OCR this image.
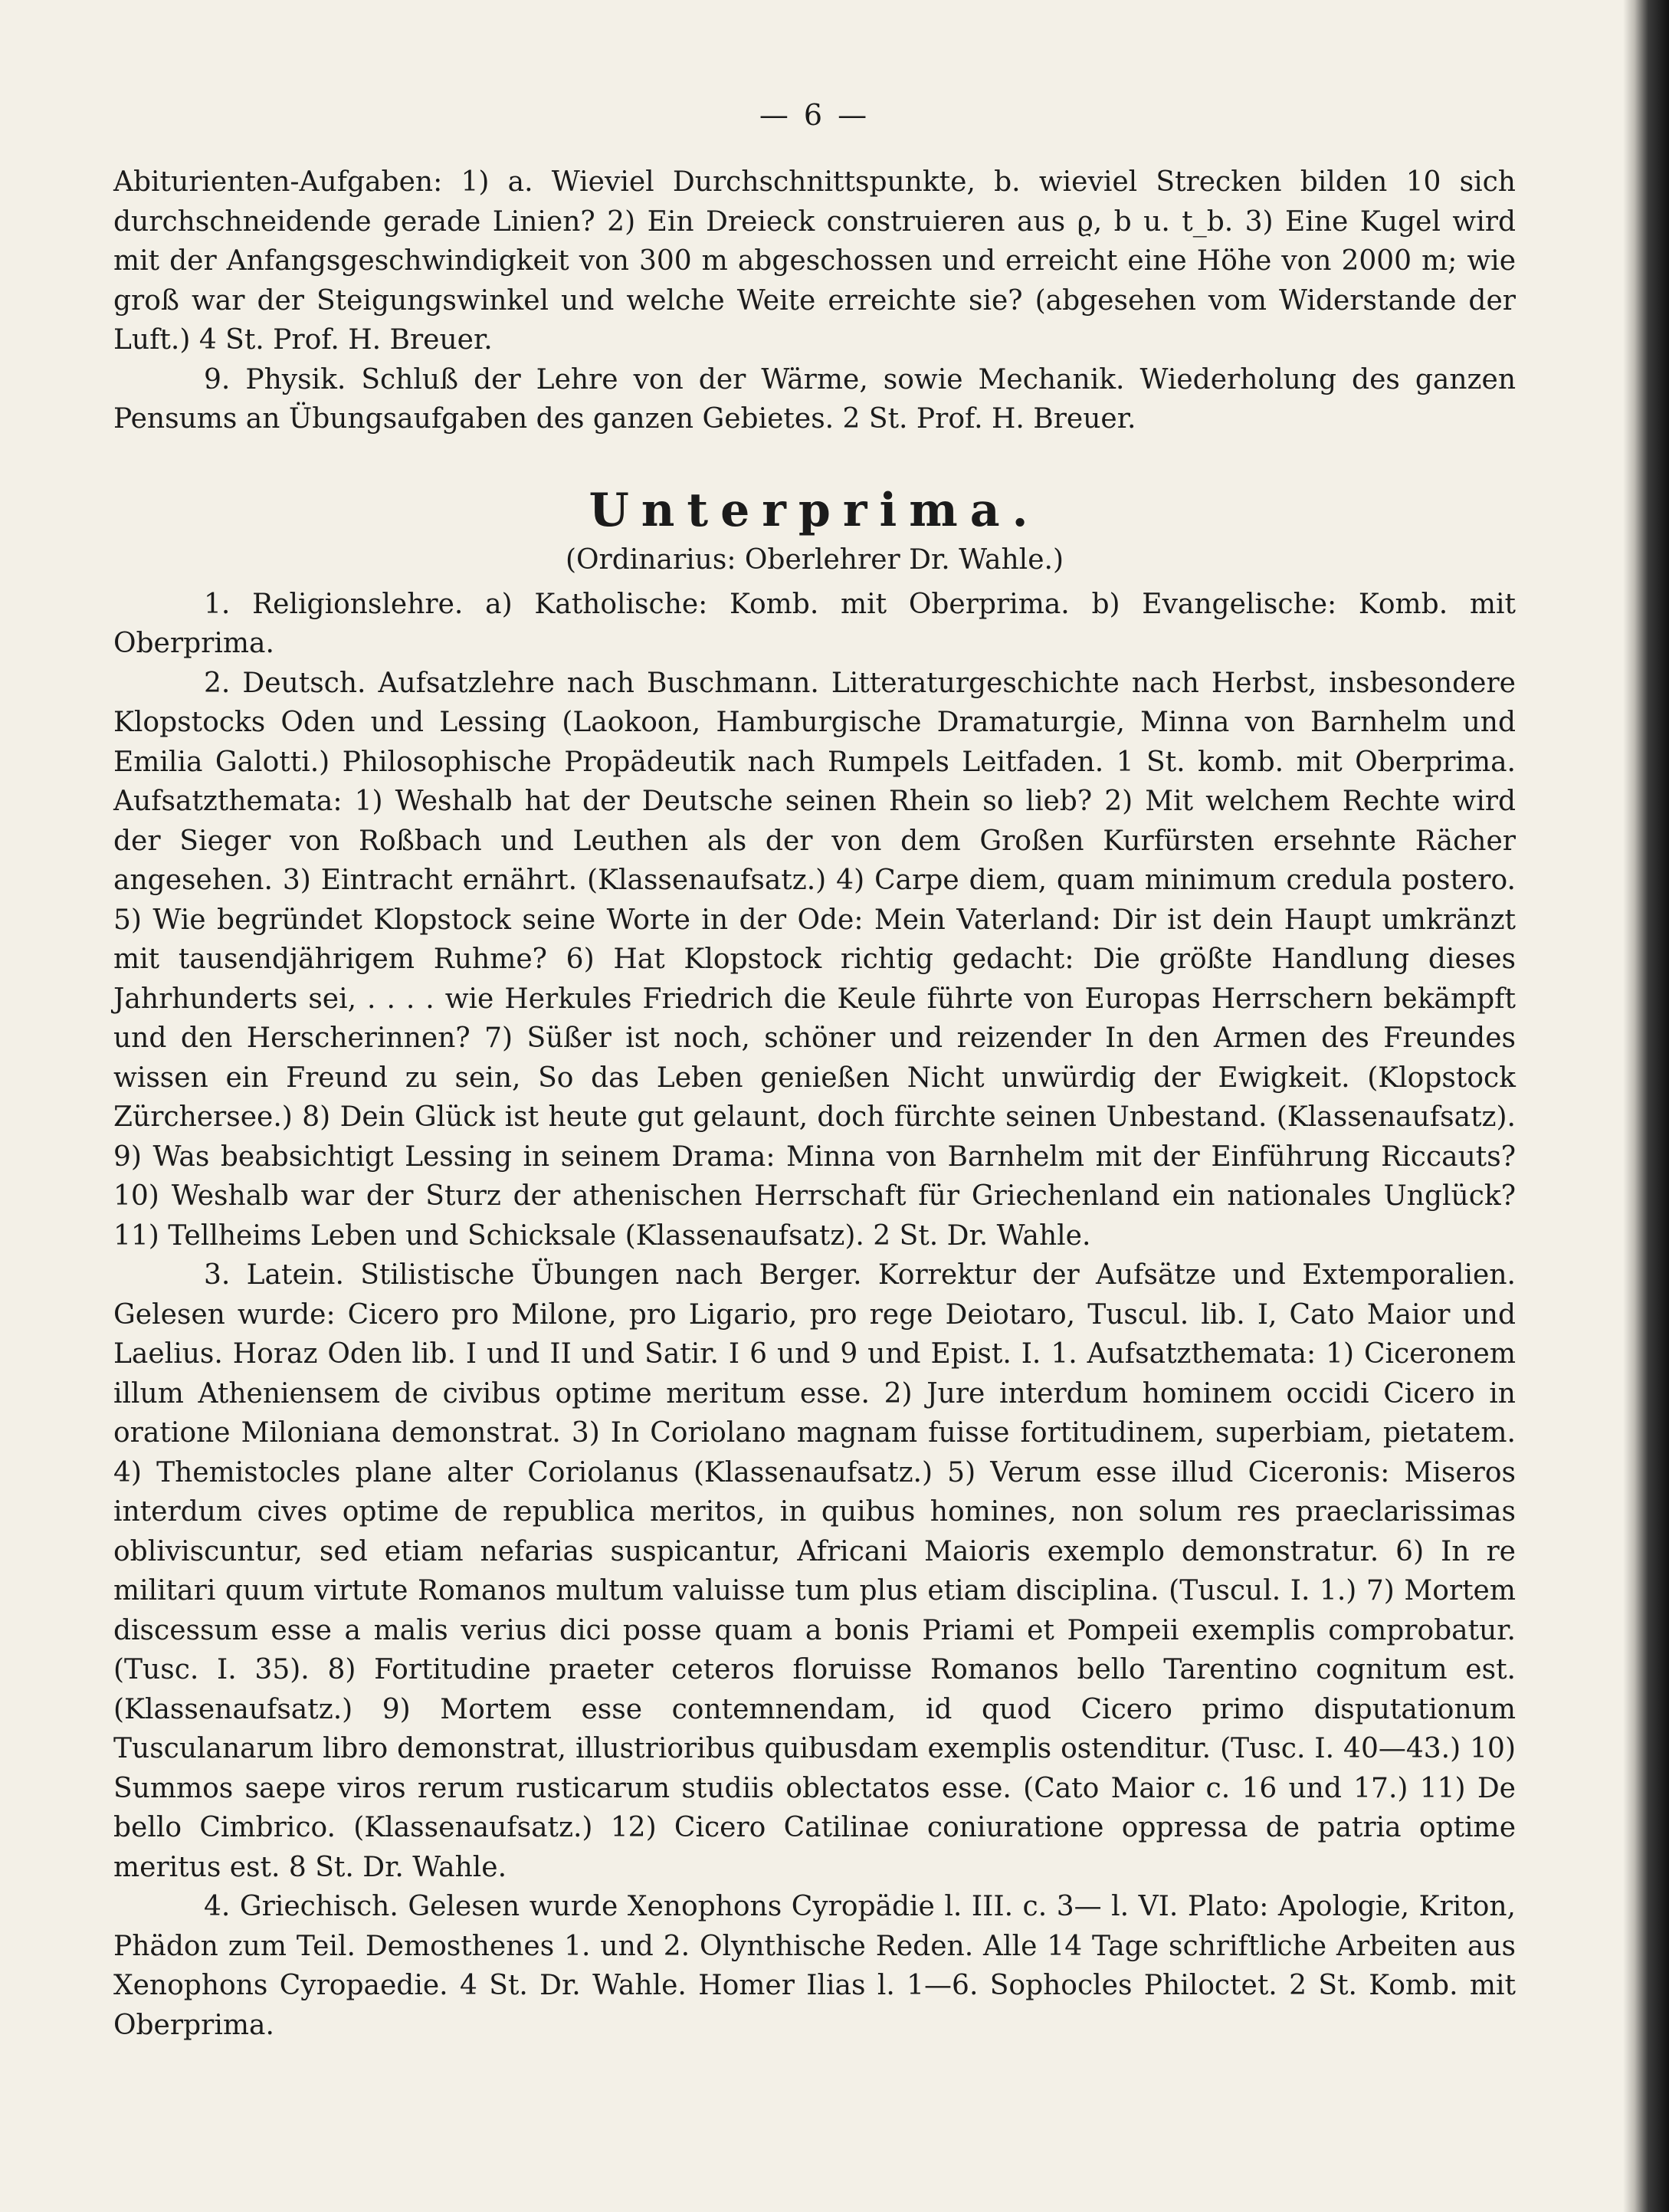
— 6 —

Abiturienten-Aufgaben: 1) a. Wieviel Durchschnittspunkte, b. wieviel Strecken bilden 10 sich durchschneidende gerade Linien? 2) Ein Dreieck construieren aus ϱ, b u. t_b. 3) Eine Kugel wird mit der Anfangsgeschwindigkeit von 300 m abgeschossen und erreicht eine Höhe von 2000 m; wie groß war der Steigungswinkel und welche Weite erreichte sie? (abgesehen vom Widerstande der Luft.) 4 St. Prof. H. Breuer.

9. Physik. Schluß der Lehre von der Wärme, sowie Mechanik. Wiederholung des ganzen Pensums an Übungsaufgaben des ganzen Gebietes. 2 St. Prof. H. Breuer.

Unterprima.
(Ordinarius: Oberlehrer Dr. Wahle.)

1. Religionslehre. a) Katholische: Komb. mit Oberprima. b) Evangelische: Komb. mit Oberprima.

2. Deutsch. Aufsatzlehre nach Buschmann. Litteraturgeschichte nach Herbst, insbesondere Klopstocks Oden und Lessing (Laokoon, Hamburgische Dramaturgie, Minna von Barnhelm und Emilia Galotti.) Philosophische Propädeutik nach Rumpels Leitfaden. 1 St. komb. mit Oberprima. Aufsatzthemata: 1) Weshalb hat der Deutsche seinen Rhein so lieb? 2) Mit welchem Rechte wird der Sieger von Roßbach und Leuthen als der von dem Großen Kurfürsten ersehnte Rächer angesehen. 3) Eintracht ernährt. (Klassenaufsatz.) 4) Carpe diem, quam minimum credula postero. 5) Wie begründet Klopstock seine Worte in der Ode: Mein Vaterland: Dir ist dein Haupt umkränzt mit tausendjährigem Ruhme? 6) Hat Klopstock richtig gedacht: Die größte Handlung dieses Jahrhunderts sei, . . . . wie Herkules Friedrich die Keule führte von Europas Herrschern bekämpft und den Herscherinnen? 7) Süßer ist noch, schöner und reizender In den Armen des Freundes wissen ein Freund zu sein, So das Leben genießen Nicht unwürdig der Ewigkeit. (Klopstock Zürchersee.) 8) Dein Glück ist heute gut gelaunt, doch fürchte seinen Unbestand. (Klassenaufsatz). 9) Was beabsichtigt Lessing in seinem Drama: Minna von Barnhelm mit der Einführung Riccauts? 10) Weshalb war der Sturz der athenischen Herrschaft für Griechenland ein nationales Unglück? 11) Tellheims Leben und Schicksale (Klassenaufsatz). 2 St. Dr. Wahle.

3. Latein. Stilistische Übungen nach Berger. Korrektur der Aufsätze und Extemporalien. Gelesen wurde: Cicero pro Milone, pro Ligario, pro rege Deiotaro, Tuscul. lib. I, Cato Maior und Laelius. Horaz Oden lib. I und II und Satir. I 6 und 9 und Epist. I. 1. Aufsatzthemata: 1) Ciceronem illum Atheniensem de civibus optime meritum esse. 2) Jure interdum hominem occidi Cicero in oratione Miloniana demonstrat. 3) In Coriolano magnam fuisse fortitudinem, superbiam, pietatem. 4) Themistocles plane alter Coriolanus (Klassenaufsatz.) 5) Verum esse illud Ciceronis: Miseros interdum cives optime de republica meritos, in quibus homines, non solum res praeclarissimas obliviscuntur, sed etiam nefarias suspicantur, Africani Maioris exemplo demonstratur. 6) In re militari quum virtute Romanos multum valuisse tum plus etiam disciplina. (Tuscul. I. 1.) 7) Mortem discessum esse a malis verius dici posse quam a bonis Priami et Pompeii exemplis comprobatur. (Tusc. I. 35). 8) Fortitudine praeter ceteros floruisse Romanos bello Tarentino cognitum est. (Klassenaufsatz.) 9) Mortem esse contemnendam, id quod Cicero primo disputationum Tusculanarum libro demonstrat, illustrioribus quibusdam exemplis ostenditur. (Tusc. I. 40—43.) 10) Summos saepe viros rerum rusticarum studiis oblectatos esse. (Cato Maior c. 16 und 17.) 11) De bello Cimbrico. (Klassenaufsatz.) 12) Cicero Catilinae coniuratione oppressa de patria optime meritus est. 8 St. Dr. Wahle.

4. Griechisch. Gelesen wurde Xenophons Cyropädie l. III. c. 3— l. VI. Plato: Apologie, Kriton, Phädon zum Teil. Demosthenes 1. und 2. Olynthische Reden. Alle 14 Tage schriftliche Arbeiten aus Xenophons Cyropaedie. 4 St. Dr. Wahle. Homer Ilias l. 1—6. Sophocles Philoctet. 2 St. Komb. mit Oberprima.
